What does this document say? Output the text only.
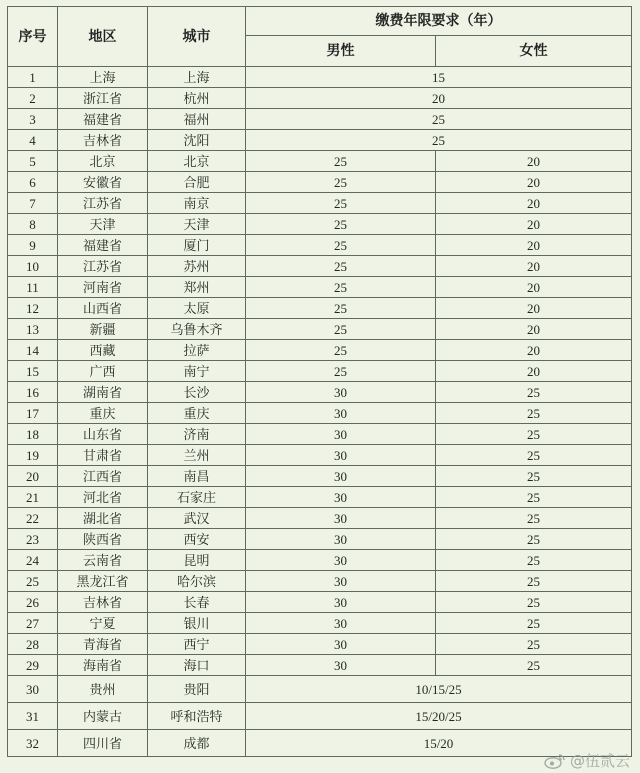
序号	地区	城市	缴费年限要求（年）	
			男性	女性
1	上海	上海	15	
2	浙江省	杭州	20	
3	福建省	福州	25	
4	吉林省	沈阳	25	
5	北京	北京	25	20
6	安徽省	合肥	25	20
7	江苏省	南京	25	20
8	天津	天津	25	20
9	福建省	厦门	25	20
10	江苏省	苏州	25	20
11	河南省	郑州	25	20
12	山西省	太原	25	20
13	新疆	乌鲁木齐	25	20
14	西藏	拉萨	25	20
15	广西	南宁	25	20
16	湖南省	长沙	30	25
17	重庆	重庆	30	25
18	山东省	济南	30	25
19	甘肃省	兰州	30	25
20	江西省	南昌	30	25
21	河北省	石家庄	30	25
22	湖北省	武汉	30	25
23	陕西省	西安	30	25
24	云南省	昆明	30	25
25	黑龙江省	哈尔滨	30	25
26	吉林省	长春	30	25
27	宁夏	银川	30	25
28	青海省	西宁	30	25
29	海南省	海口	30	25
30	贵州	贵阳	10/15/25	
31	内蒙古	呼和浩特	15/20/25	
32	四川省	成都	15/20	
@伍贰云
